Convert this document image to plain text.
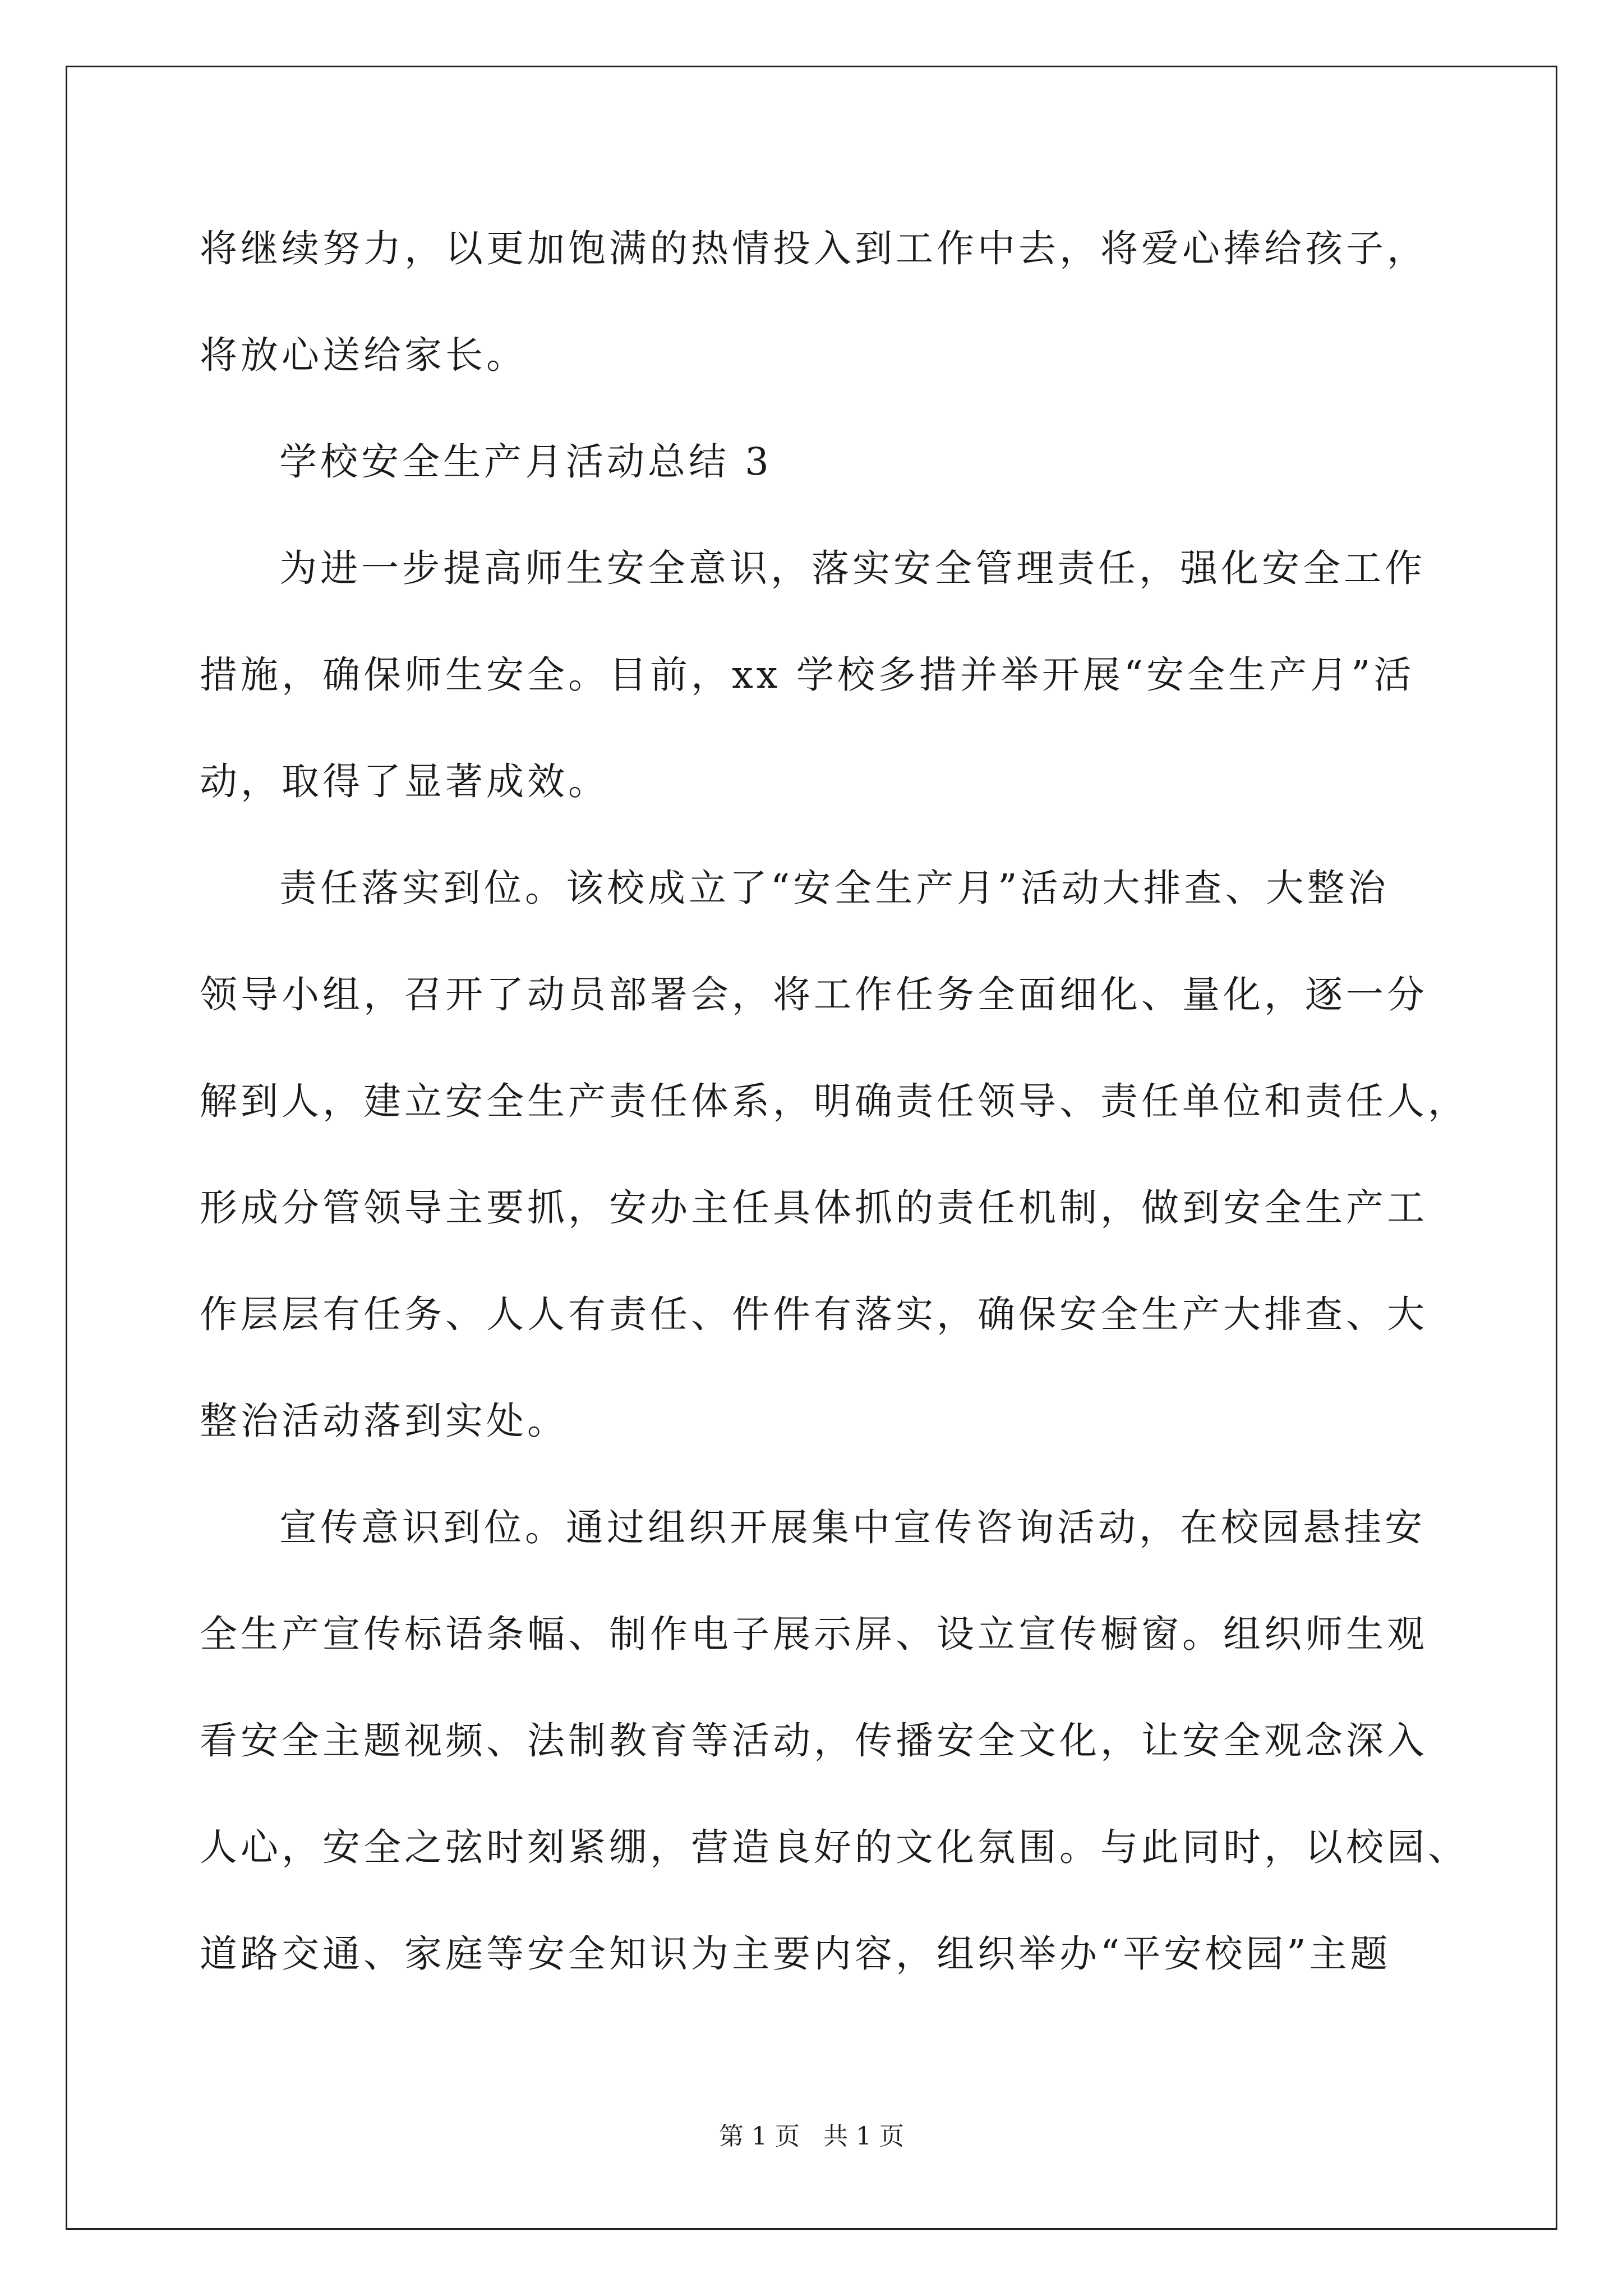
将继续努力，以更加饱满的热情投入到工作中去，将爱心捧给孩子，
将放心送给家长。
学校安全生产月活动总结 3
为进一步提高师生安全意识，落实安全管理责任，强化安全工作
措施，确保师生安全。目前，xx 学校多措并举开展“安全生产月”活
动，取得了显著成效。
责任落实到位。该校成立了“安全生产月”活动大排查、大整治
领导小组，召开了动员部署会，将工作任务全面细化、量化，逐一分
解到人，建立安全生产责任体系，明确责任领导、责任单位和责任人，
形成分管领导主要抓，安办主任具体抓的责任机制，做到安全生产工
作层层有任务、人人有责任、件件有落实，确保安全生产大排查、大
整治活动落到实处。
宣传意识到位。通过组织开展集中宣传咨询活动，在校园悬挂安
全生产宣传标语条幅、制作电子展示屏、设立宣传橱窗。组织师生观
看安全主题视频、法制教育等活动，传播安全文化，让安全观念深入
人心，安全之弦时刻紧绷，营造良好的文化氛围。与此同时，以校园、
道路交通、家庭等安全知识为主要内容，组织举办“平安校园”主题
第 1 页   共 1 页
